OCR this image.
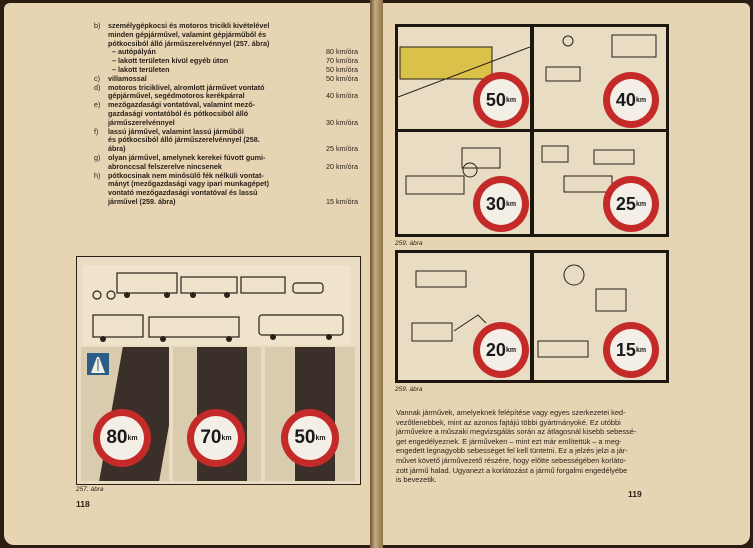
b)	személygépkocsi és motoros tricikli kivételével
minden gépjárművel, valamint gépjárműből és
pótkocsiból álló járműszerelvénnyel (257. ábra)
– autópályán	80 km/óra
– lakott területen kívül egyéb úton	70 km/óra
– lakott területen	50 km/óra
c)	villamossal	50 km/óra
d)	motoros triciklivel, alromlott járművet vontató
gépjárművel, segédmotoros kerékpárral	40 km/óra
e)	mezőgazdasági vontatóval, valamint mező-
gazdasági vontatóból és pótkocsiból álló
járműszerelvénnyel	30 km/óra
f)	lassú járművel, valamint lassú járműből
és pótkocsiból álló járműszerelvénnyel (258.
ábra)	25 km/óra
g)	olyan járművel, amelynek kerekei fúvott gumi-
abronccsal felszerelve nincsenek	20 km/óra
h)	pótkocsinak nem minősülő fék nélküli vontat-
mányt (mezőgazdasági vagy ipari munkagépet)
vontató mezőgazdasági vontatóval és lassú
járművel (259. ábra)	15 km/óra
80 km	70 km	50 km
257. ábra
118
50 km	40 km
30 km	25 km
259. ábra
20 km	15 km
259. ábra
Vannak járművek, amelyeknek felépítése vagy egyes szerkezetei ked-
vezőtlenebbek, mint az azonos fajtájú többi gyártmányoké. Ez utóbbi
járművekre a műszaki megvizsgálás során az átlagosnál kisebb sebessé-
get engedélyeznek. E járműveken – mint ezt már említettük – a meg-
engedett legnagyobb sebességet fel kell tüntetni. Ez a jelzés jelzi a jár-
művet követő járművezető részére, hogy előtte sebességében korláto-
zott jármű halad. Ugyanezt a korlátozást a jármű forgalmi engedélyébe
is bevezetik.
119
